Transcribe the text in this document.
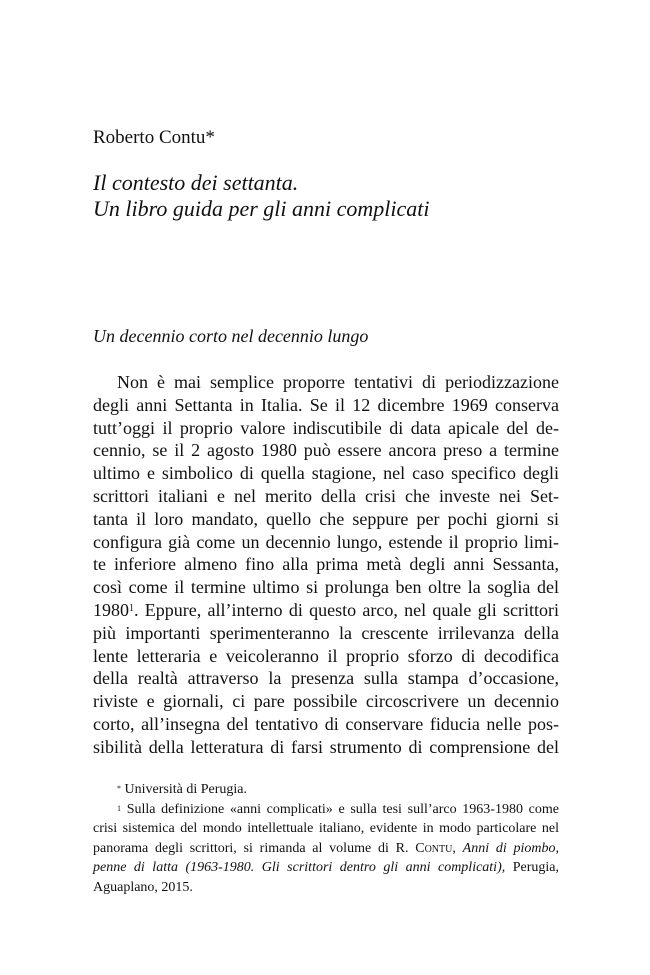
Roberto Contu*
Il contesto dei settanta.
Un libro guida per gli anni complicati
Un decennio corto nel decennio lungo
Non è mai semplice proporre tentativi di periodizzazione
degli anni Settanta in Italia. Se il 12 dicembre 1969 conserva
tutt’oggi il proprio valore indiscutibile di data apicale del de-
cennio, se il 2 agosto 1980 può essere ancora preso a termine
ultimo e simbolico di quella stagione, nel caso specifico degli
scrittori italiani e nel merito della crisi che investe nei Set-
tanta il loro mandato, quello che seppure per pochi giorni si
configura già come un decennio lungo, estende il proprio limi-
te inferiore almeno fino alla prima metà degli anni Sessanta,
così come il termine ultimo si prolunga ben oltre la soglia del
1980$^1$. Eppure, all’interno di questo arco, nel quale gli scrittori
più importanti sperimenteranno la crescente irrilevanza della
lente letteraria e veicoleranno il proprio sforzo di decodifica
della realtà attraverso la presenza sulla stampa d’occasione,
riviste e giornali, ci pare possibile circoscrivere un decennio
corto, all’insegna del tentativo di conservare fiducia nelle pos-
sibilità della letteratura di farsi strumento di comprensione del
* Università di Perugia.
$^1$ Sulla definizione «anni complicati» e sulla tesi sull’arco 1963-1980 come
crisi sistemica del mondo intellettuale italiano, evidente in modo particolare nel
panorama degli scrittori, si rimanda al volume di R. Contu, Anni di piombo,
penne di latta (1963-1980. Gli scrittori dentro gli anni complicati), Perugia,
Aguaplano, 2015.
